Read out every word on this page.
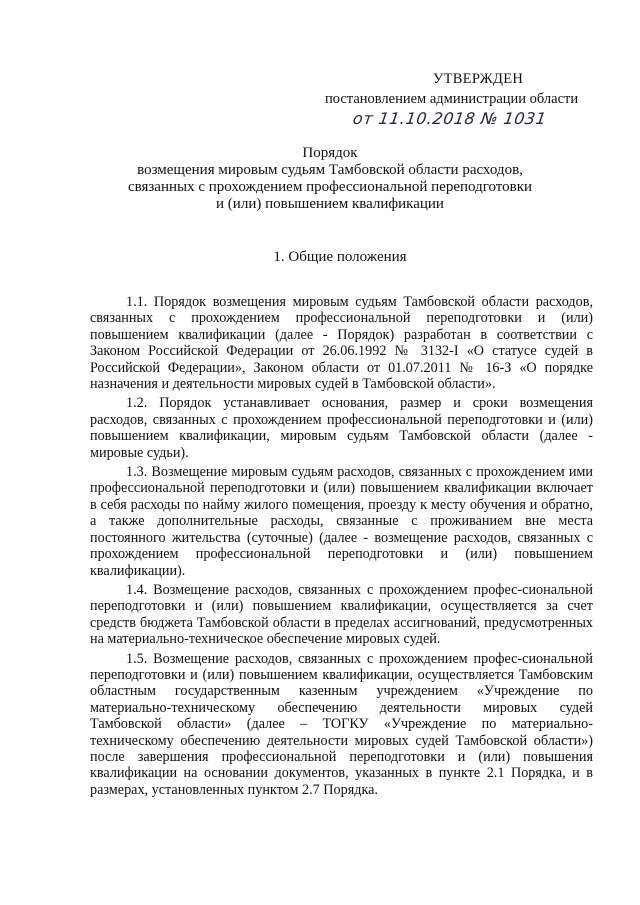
УТВЕРЖДЕН
постановлением администрации области
от 11.10.2018 № 1031
Порядок
возмещения мировым судьям Тамбовской области расходов,
связанных с прохождением профессиональной переподготовки
и (или) повышением квалификации
1. Общие положения

1.1. Порядок возмещения мировым судьям Тамбовской области расходов, связанных с прохождением профессиональной переподготовки и (или) повышением квалификации (далее - Порядок) разработан в соответствии с Законом Российской Федерации от 26.06.1992 № 3132-I «О статусе судей в Российской Федерации», Законом области от 01.07.2011 № 16-З «О порядке назначения и деятельности мировых судей в Тамбовской области».

1.2. Порядок устанавливает основания, размер и сроки возмещения расходов, связанных с прохождением профессиональной переподготовки и (или) повышением квалификации, мировым судьям Тамбовской области (далее - мировые судьи).

1.3. Возмещение мировым судьям расходов, связанных с прохождением ими профессиональной переподготовки и (или) повышением квалификации включает в себя расходы по найму жилого помещения, проезду к месту обучения и обратно, а также дополнительные расходы, связанные с проживанием вне места постоянного жительства (суточные) (далее - возмещение расходов, связанных с прохождением профессиональной переподготовки и (или) повышением квалификации).

1.4. Возмещение расходов, связанных с прохождением профес-сиональной переподготовки и (или) повышением квалификации, осуществляется за счет средств бюджета Тамбовской области в пределах ассигнований, предусмотренных на материально-техническое обеспечение мировых судей.

1.5. Возмещение расходов, связанных с прохождением профес-сиональной переподготовки и (или) повышением квалификации, осуществляется Тамбовским областным государственным казенным учреждением «Учреждение по материально-техническому обеспечению деятельности мировых судей Тамбовской области» (далее – ТОГКУ «Учреждение по материально-техническому обеспечению деятельности мировых судей Тамбовской области») после завершения профессиональной переподготовки и (или) повышения квалификации на основании документов, указанных в пункте 2.1 Порядка, и в размерах, установленных пунктом 2.7 Порядка.
